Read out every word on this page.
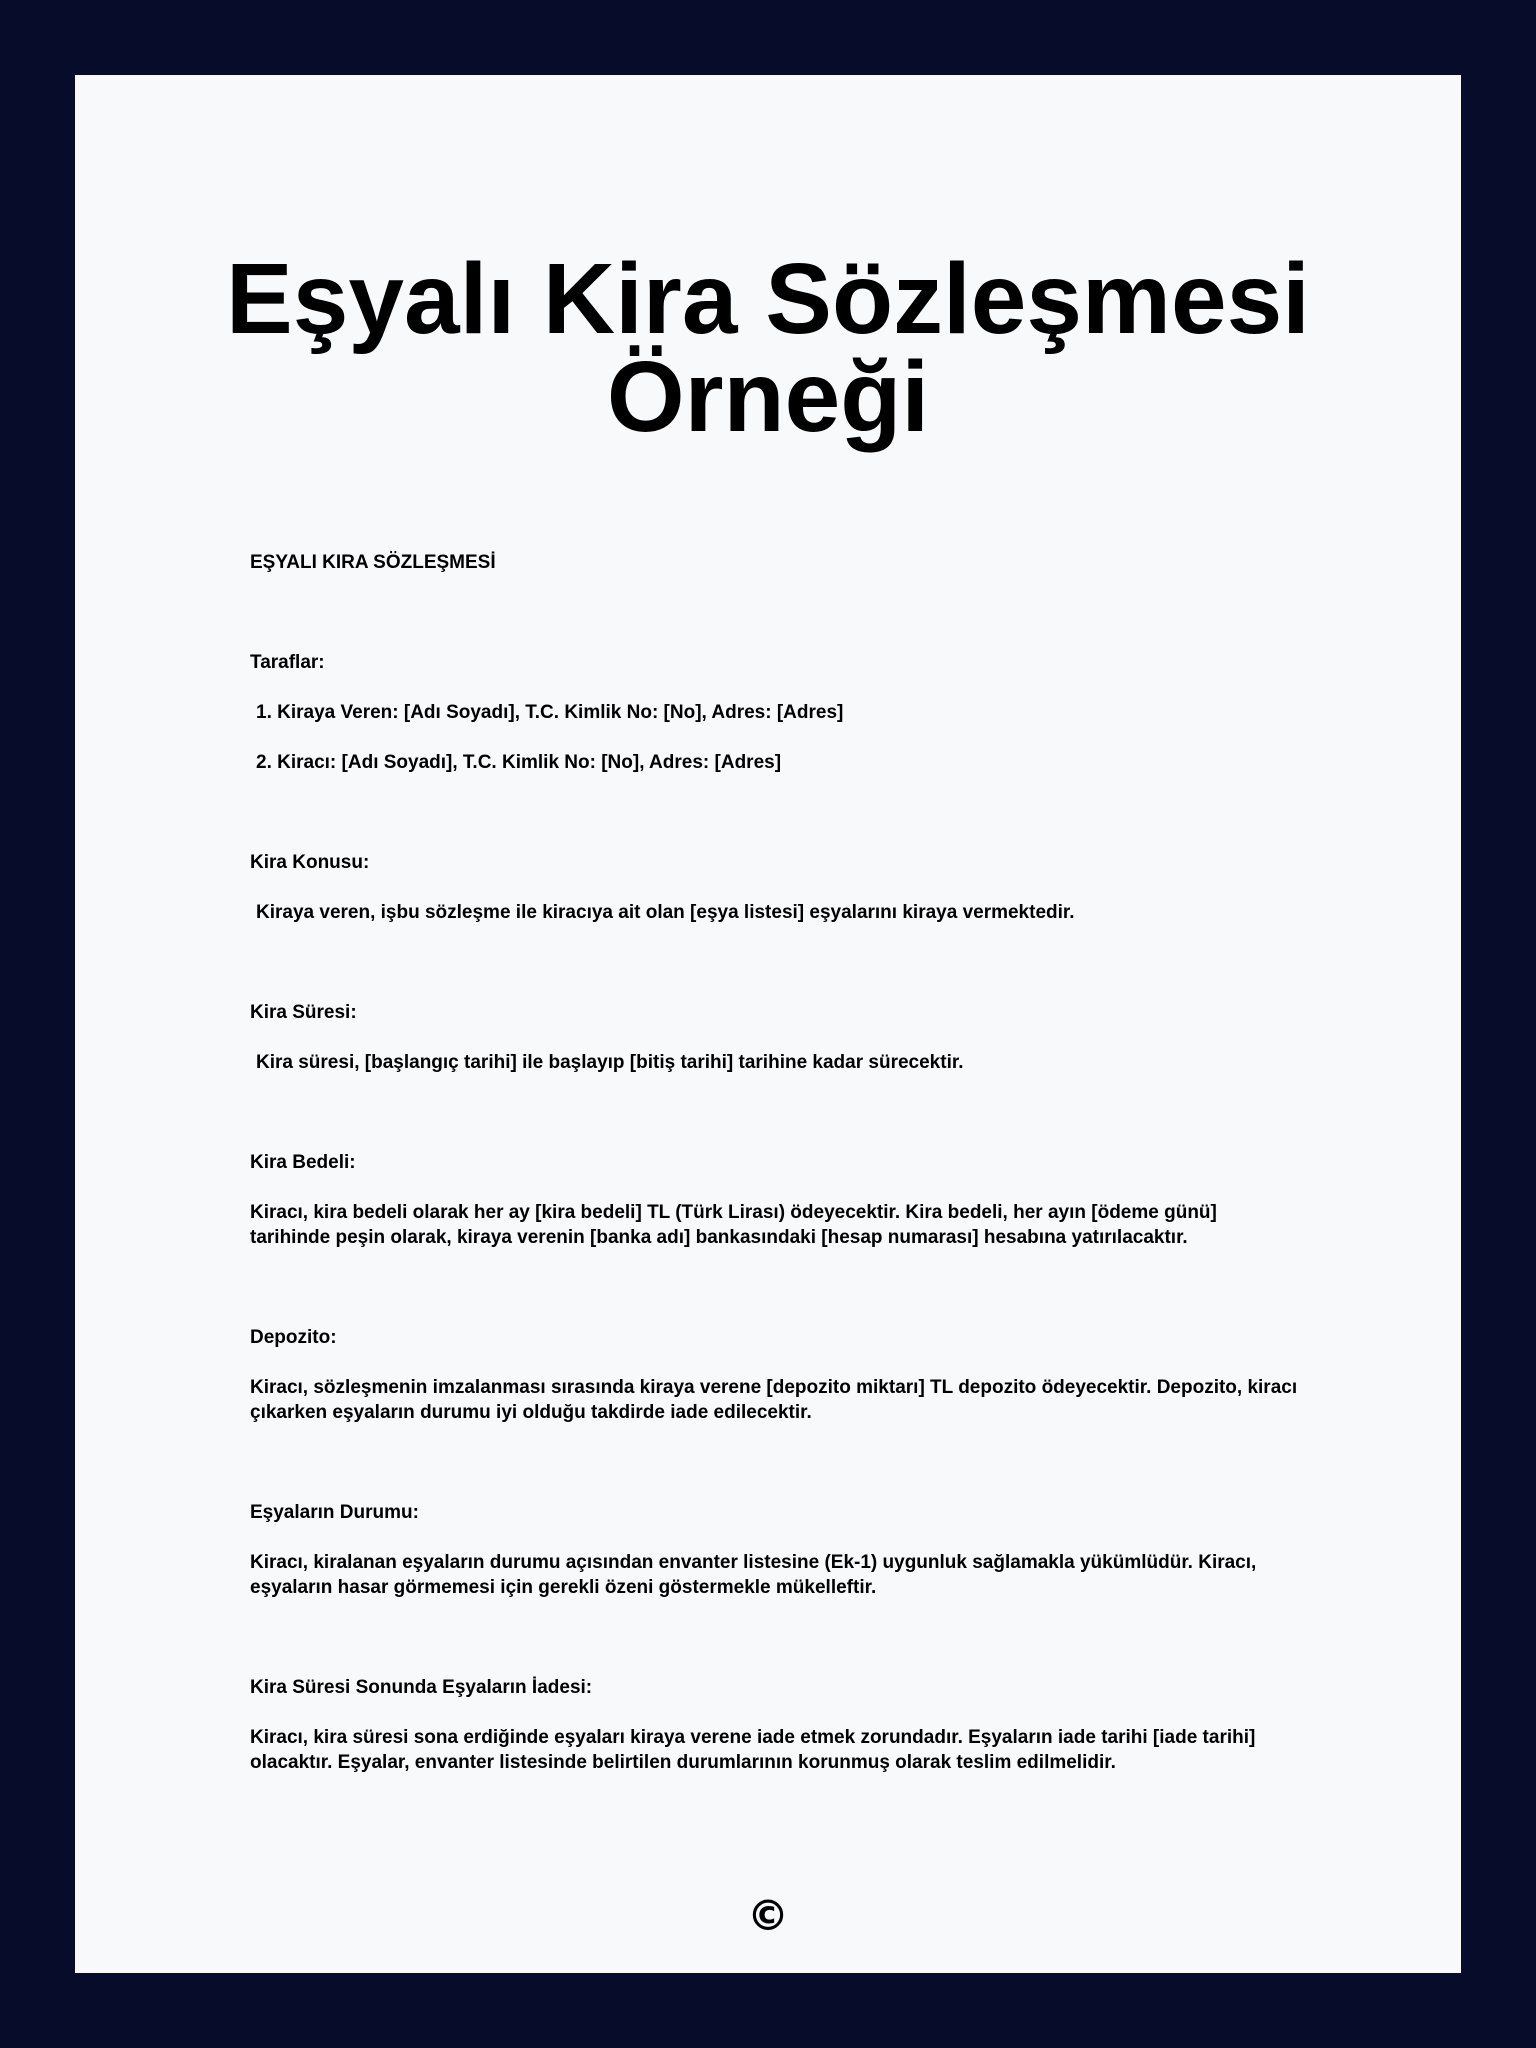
Eşyalı Kira Sözleşmesi Örneği

EŞYALI KIRA SÖZLEŞMESİ

Taraflar:

1. Kiraya Veren: [Adı Soyadı], T.C. Kimlik No: [No], Adres: [Adres]

2. Kiracı: [Adı Soyadı], T.C. Kimlik No: [No], Adres: [Adres]

Kira Konusu:

Kiraya veren, işbu sözleşme ile kiracıya ait olan [eşya listesi] eşyalarını kiraya vermektedir.

Kira Süresi:

Kira süresi, [başlangıç tarihi] ile başlayıp [bitiş tarihi] tarihine kadar sürecektir.

Kira Bedeli:

Kiracı, kira bedeli olarak her ay [kira bedeli] TL (Türk Lirası) ödeyecektir. Kira bedeli, her ayın [ödeme günü] tarihinde peşin olarak, kiraya verenin [banka adı] bankasındaki [hesap numarası] hesabına yatırılacaktır.

Depozito:

Kiracı, sözleşmenin imzalanması sırasında kiraya verene [depozito miktarı] TL depozito ödeyecektir. Depozito, kiracı çıkarken eşyaların durumu iyi olduğu takdirde iade edilecektir.

Eşyaların Durumu:

Kiracı, kiralanan eşyaların durumu açısından envanter listesine (Ek-1) uygunluk sağlamakla yükümlüdür. Kiracı, eşyaların hasar görmemesi için gerekli özeni göstermekle mükelleftir.

Kira Süresi Sonunda Eşyaların İadesi:

Kiracı, kira süresi sona erdiğinde eşyaları kiraya verene iade etmek zorundadır. Eşyaların iade tarihi [iade tarihi] olacaktır. Eşyalar, envanter listesinde belirtilen durumlarının korunmuş olarak teslim edilmelidir.

©
